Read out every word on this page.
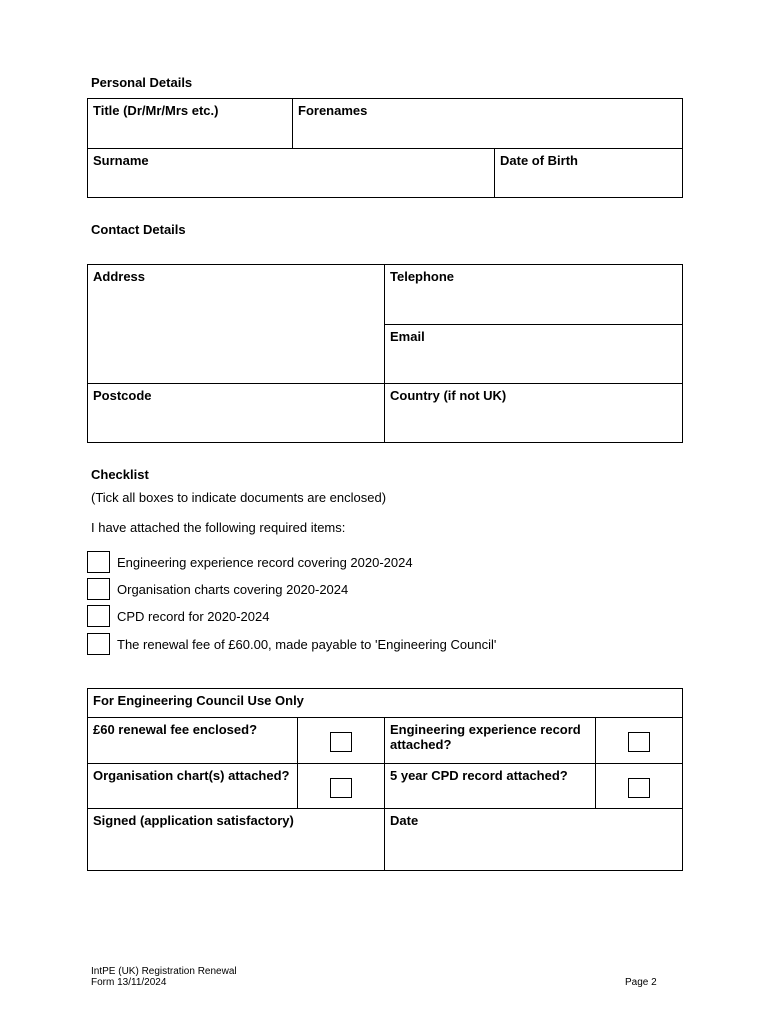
Personal Details
Title (Dr/Mr/Mrs etc.)	Forenames	
Surname		Date of Birth
Contact Details
Address	Telephone
	Email
Postcode	Country (if not UK)
Checklist
(Tick all boxes to indicate documents are enclosed)
I have attached the following required items:
Engineering experience record covering 2020-2024
Organisation charts covering 2020-2024
CPD record for 2020-2024
The renewal fee of £60.00, made payable to 'Engineering Council'
For Engineering Council Use Only			
£60 renewal fee enclosed?		Engineering experience record attached?	
Organisation chart(s) attached?		5 year CPD record attached?	
Signed (application satisfactory)		Date	
IntPE (UK) Registration Renewal
Form 13/11/2024	Page 2
